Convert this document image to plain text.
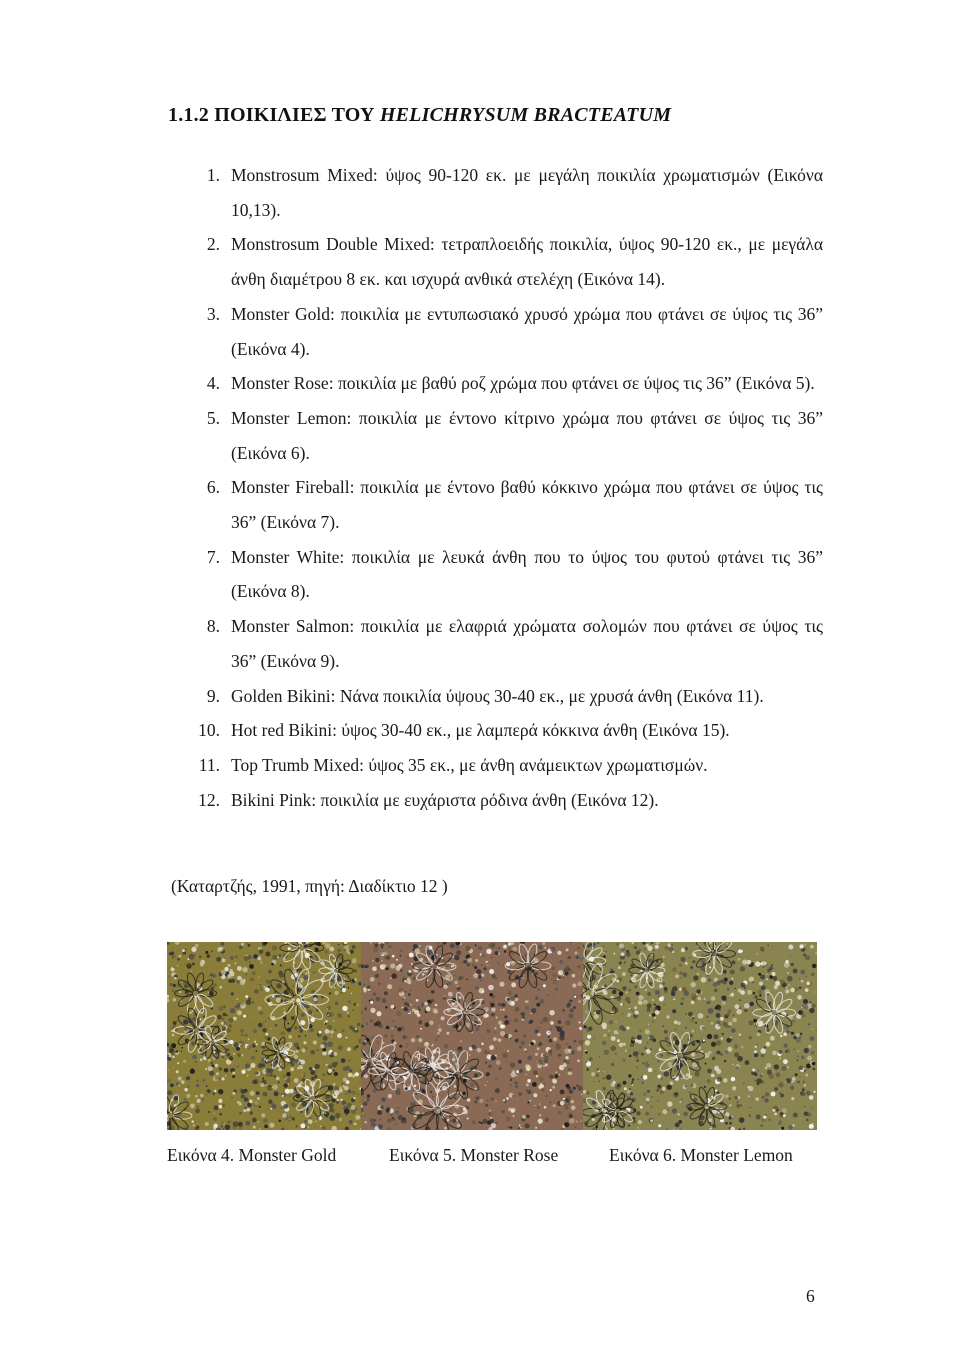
1.1.2 ΠΟΙΚΙΛΙΕΣ ΤΟΥ HELICHRYSUM BRACTEATUM
1. Monstrosum Mixed: ύψος 90-120 εκ. με μεγάλη ποικιλία χρωματισμών (Εικόνα 10,13).
2. Monstrosum Double Mixed: τετραπλοειδής ποικιλία, ύψος 90-120 εκ., με μεγάλα άνθη διαμέτρου 8 εκ. και ισχυρά ανθικά στελέχη (Εικόνα 14).
3. Monster Gold: ποικιλία με εντυπωσιακό χρυσό χρώμα που φτάνει σε ύψος τις 36” (Εικόνα 4).
4. Monster Rose: ποικιλία με βαθύ ροζ χρώμα που φτάνει σε ύψος τις 36” (Εικόνα 5).
5. Monster Lemon: ποικιλία με έντονο κίτρινο χρώμα που φτάνει σε ύψος τις 36” (Εικόνα 6).
6. Monster Fireball: ποικιλία με έντονο βαθύ κόκκινο χρώμα που φτάνει σε ύψος τις 36” (Εικόνα 7).
7. Monster White: ποικιλία με λευκά άνθη που το ύψος του φυτού φτάνει τις 36” (Εικόνα 8).
8. Monster Salmon: ποικιλία με ελαφριά χρώματα σολομών που φτάνει σε ύψος τις 36” (Εικόνα 9).
9. Golden Bikini: Νάνα ποικιλία ύψους 30-40 εκ., με χρυσά άνθη (Εικόνα 11).
10. Hot red Bikini: ύψος 30-40 εκ., με λαμπερά κόκκινα άνθη (Εικόνα 15).
11. Top Trumb Mixed: ύψος 35 εκ., με άνθη ανάμεικτων χρωματισμών.
12. Bikini Pink: ποικιλία με ευχάριστα ρόδινα άνθη (Εικόνα 12).
(Καταρτζής, 1991, πηγή: Διαδίκτιο 12 )
Εικόνα 4. Monster Gold	Εικόνα 5. Monster Rose	Εικόνα 6. Monster Lemon
6
